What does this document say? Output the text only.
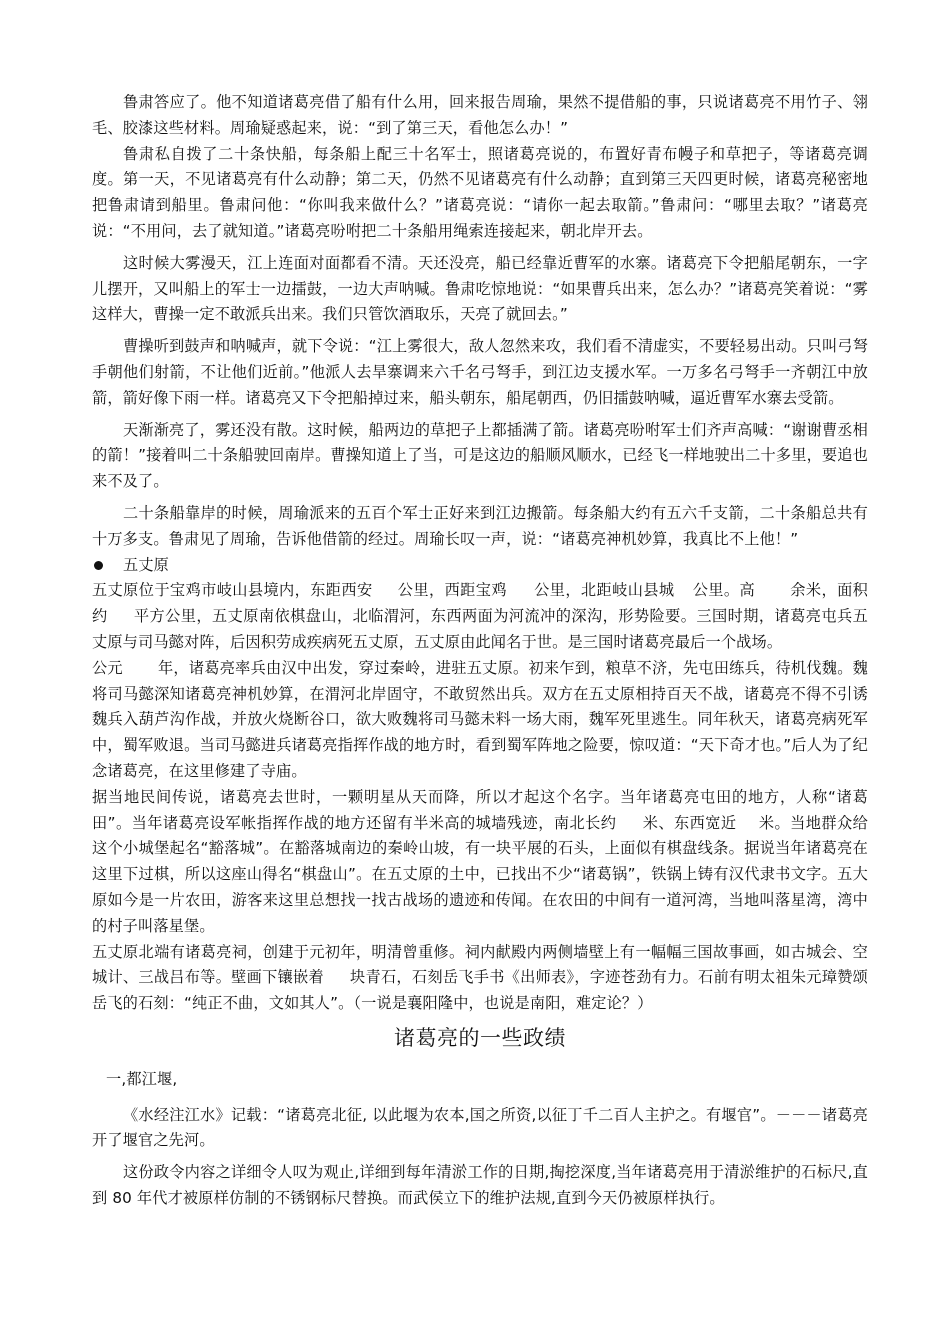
鲁肃答应了。他不知道诸葛亮借了船有什么用，回来报告周瑜，果然不提借船的事，只说诸葛亮不用竹子、翎毛、胶漆这些材料。周瑜疑惑起来，说：“到了第三天，看他怎么办！”

鲁肃私自拨了二十条快船，每条船上配三十名军士，照诸葛亮说的，布置好青布幔子和草把子，等诸葛亮调度。第一天，不见诸葛亮有什么动静；第二天，仍然不见诸葛亮有什么动静；直到第三天四更时候，诸葛亮秘密地把鲁肃请到船里。鲁肃问他：“你叫我来做什么？”诸葛亮说：“请你一起去取箭。”鲁肃问：“哪里去取？”诸葛亮说：“不用问，去了就知道。”诸葛亮吩咐把二十条船用绳索连接起来，朝北岸开去。

这时候大雾漫天，江上连面对面都看不清。天还没亮，船已经靠近曹军的水寨。诸葛亮下令把船尾朝东，一字儿摆开，又叫船上的军士一边擂鼓，一边大声呐喊。鲁肃吃惊地说：“如果曹兵出来，怎么办？”诸葛亮笑着说：“雾这样大，曹操一定不敢派兵出来。我们只管饮酒取乐，天亮了就回去。”

曹操听到鼓声和呐喊声，就下令说：“江上雾很大，敌人忽然来攻，我们看不清虚实，不要轻易出动。只叫弓弩手朝他们射箭，不让他们近前。”他派人去旱寨调来六千名弓弩手，到江边支援水军。一万多名弓弩手一齐朝江中放箭，箭好像下雨一样。诸葛亮又下令把船掉过来，船头朝东，船尾朝西，仍旧擂鼓呐喊，逼近曹军水寨去受箭。

天渐渐亮了，雾还没有散。这时候，船两边的草把子上都插满了箭。诸葛亮吩咐军士们齐声高喊：“谢谢曹丞相的箭！”接着叫二十条船驶回南岸。曹操知道上了当，可是这边的船顺风顺水，已经飞一样地驶出二十多里，要追也来不及了。

二十条船靠岸的时候，周瑜派来的五百个军士正好来到江边搬箭。每条船大约有五六千支箭，二十条船总共有十万多支。鲁肃见了周瑜，告诉他借箭的经过。周瑜长叹一声，说：“诸葛亮神机妙算，我真比不上他！”

五丈原

五丈原位于宝鸡市岐山县境内，东距西安 公里，西距宝鸡 公里，北距岐山县城 公里。高 余米，面积约 平方公里，五丈原南依棋盘山，北临渭河，东西两面为河流冲的深沟，形势险要。三国时期，诸葛亮屯兵五丈原与司马懿对阵，后因积劳成疾病死五丈原，五丈原由此闻名于世。是三国时诸葛亮最后一个战场。

公元 年，诸葛亮率兵由汉中出发，穿过秦岭，进驻五丈原。初来乍到，粮草不济，先屯田练兵，待机伐魏。魏将司马懿深知诸葛亮神机妙算，在渭河北岸固守，不敢贸然出兵。双方在五丈原相持百天不战，诸葛亮不得不引诱魏兵入葫芦沟作战，并放火烧断谷口，欲大败魏将司马懿未料一场大雨，魏军死里逃生。同年秋天，诸葛亮病死军中，蜀军败退。当司马懿进兵诸葛亮指挥作战的地方时，看到蜀军阵地之险要，惊叹道：“天下奇才也。”后人为了纪念诸葛亮，在这里修建了寺庙。

据当地民间传说，诸葛亮去世时，一颗明星从天而降，所以才起这个名字。当年诸葛亮屯田的地方，人称“诸葛田”。当年诸葛亮设军帐指挥作战的地方还留有半米高的城墙残迹，南北长约 米、东西宽近 米。当地群众给这个小城堡起名“豁落城”。在豁落城南边的秦岭山坡，有一块平展的石头，上面似有棋盘线条。据说当年诸葛亮在这里下过棋，所以这座山得名“棋盘山”。在五丈原的土中，已找出不少“诸葛锅”，铁锅上铸有汉代隶书文字。五大原如今是一片农田，游客来这里总想找一找古战场的遗迹和传闻。在农田的中间有一道河湾，当地叫落星湾，湾中的村子叫落星堡。

五丈原北端有诸葛亮祠，创建于元初年，明清曾重修。祠内献殿内两侧墙壁上有一幅幅三国故事画，如古城会、空城计、三战吕布等。壁画下镶嵌着 块青石，石刻岳飞手书《出师表》，字迹苍劲有力。石前有明太祖朱元璋赞颂岳飞的石刻：“纯正不曲，文如其人”。（一说是襄阳隆中，也说是南阳，难定论？）

诸葛亮的一些政绩

一,都江堰,

《水经注江水》记载：“诸葛亮北征, 以此堰为农本,国之所资,以征丁千二百人主护之。有堰官”。－－－诸葛亮开了堰官之先河。

这份政令内容之详细令人叹为观止,详细到每年清淤工作的日期,掏挖深度,当年诸葛亮用于清淤维护的石标尺,直到 80 年代才被原样仿制的不锈钢标尺替换。而武侯立下的维护法规,直到今天仍被原样执行。
